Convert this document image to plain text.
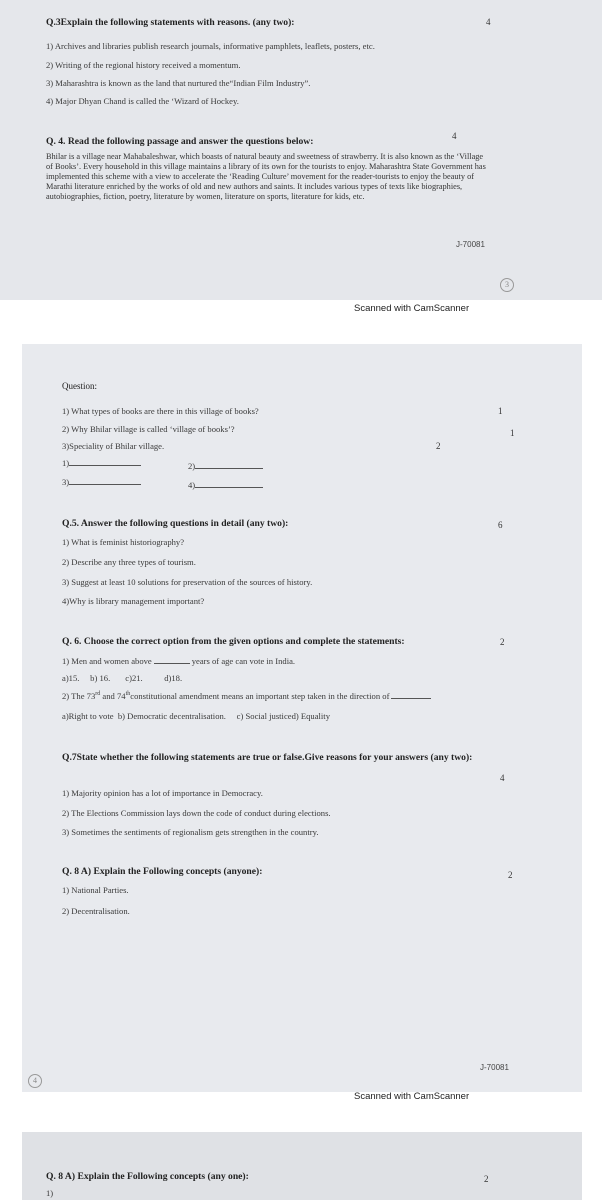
Q.3Explain the following statements with reasons. (any two):	4
1) Archives and libraries publish research journals, informative pamphlets, leaflets, posters, etc.
2) Writing of the regional history received a momentum.
3) Maharashtra is known as the land that nurtured the“Indian Film Industry”.
4) Major Dhyan Chand is called the ‘Wizard of Hockey.
Q. 4. Read the following passage and answer the questions below:	4
Bhilar is a village near Mahabaleshwar, which boasts of natural beauty and sweetness of strawberry. It is also known as the ‘Village of Books’. Every household in this village maintains a library of its own for the tourists to enjoy. Maharashtra State Government has implemented this scheme with a view to accelerate the ‘Reading Culture’ movement for the reader-tourists to enjoy the beauty of Marathi literature enriched by the works of old and new authors and saints. It includes various types of texts like biographies, autobiographies, fiction, poetry, literature by women, literature on sports, literature for kids, etc.
J-70081
3
Scanned with CamScanner
Question:
1) What types of books are there in this village of books?	1
2) Why Bhilar village is called ‘village of books’?	1
3)Speciality of Bhilar village.	2
1)	2)
3)	4)
Q.5. Answer the following questions in detail (any two):	6
1) What is feminist historiography?
2) Describe any three types of tourism.
3) Suggest at least 10 solutions for preservation of the sources of history.
4)Why is library management important?
Q. 6. Choose the correct option from the given options and complete the statements:	2
1) Men and women above	years of age can vote in India.
a)15. b) 16. c)21. d)18.
2) The 73rd and 74thconstitutional amendment means an important step taken in the direction of
a)Right to vote  b) Democratic decentralisation.     c) Social justiced) Equality
Q.7State whether the following statements are true or false.Give reasons for your answers (any two):
4
1) Majority opinion has a lot of importance in Democracy.
2) The Elections Commission lays down the code of conduct during elections.
3) Sometimes the sentiments of regionalism gets strengthen in the country.
Q. 8 A) Explain the Following concepts (anyone):	2
1) National Parties.
2) Decentralisation.
J-70081
4
Scanned with CamScanner
Q. 8 A) Explain the Following concepts (any one):	2
1)
